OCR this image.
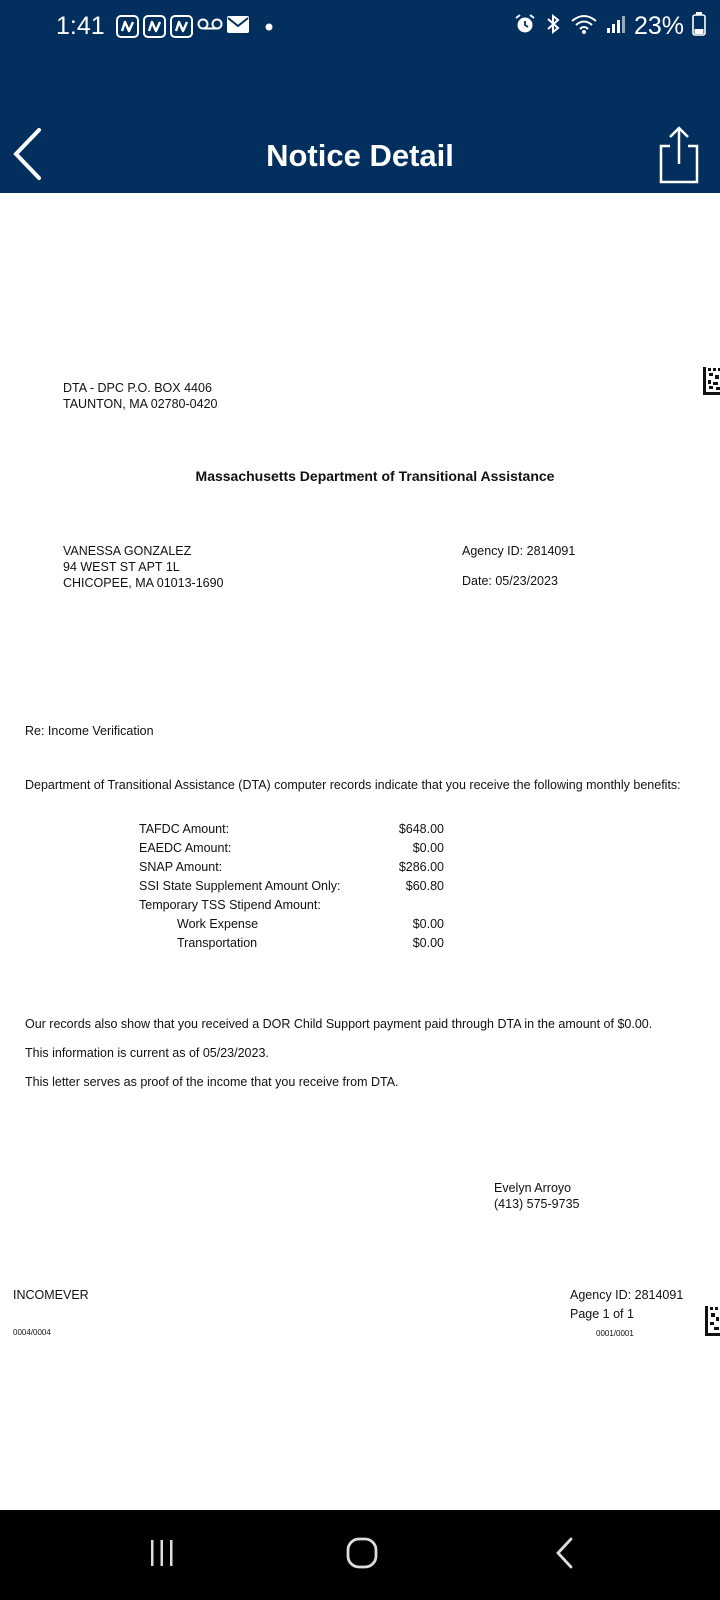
1:41	23%
Notice Detail
DTA - DPC P.O. BOX 4406
TAUNTON, MA 02780-0420
Massachusetts Department of Transitional Assistance
VANESSA GONZALEZ
94 WEST ST APT 1L
CHICOPEE, MA 01013-1690
Agency ID: 2814091
Date: 05/23/2023
Re: Income Verification
Department of Transitional Assistance (DTA) computer records indicate that you receive the following monthly benefits:
TAFDC Amount:	$648.00
EAEDC Amount:	$0.00
SNAP Amount:	$286.00
SSI State Supplement Amount Only:	$60.80
Temporary TSS Stipend Amount:
Work Expense	$0.00
Transportation	$0.00
Our records also show that you received a DOR Child Support payment paid through DTA in the amount of $0.00.
This information is current as of 05/23/2023.
This letter serves as proof of the income that you receive from DTA.
Evelyn Arroyo
(413) 575-9735
INCOMEVER
0004/0004
Agency ID: 2814091
Page 1 of 1
0001/0001
